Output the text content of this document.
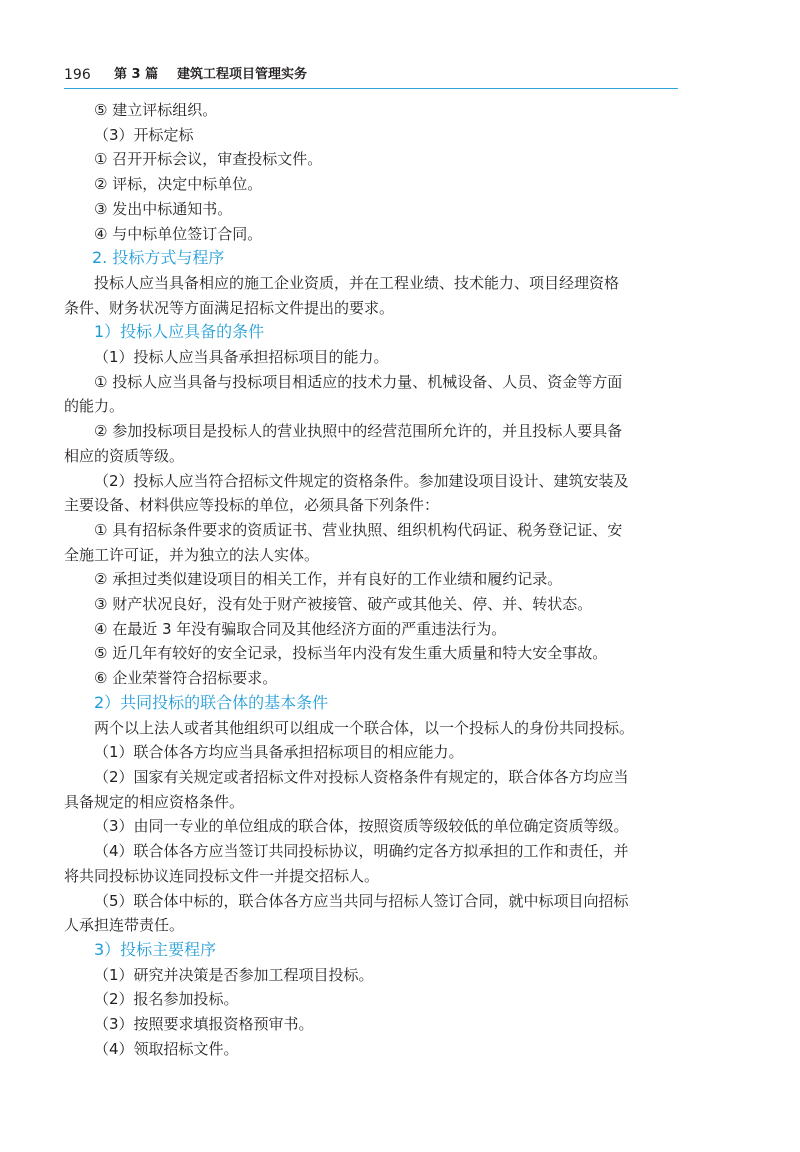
196 第 3 篇 建筑工程项目管理实务

⑤ 建立评标组织。

（3）开标定标

① 召开开标会议，审查投标文件。

② 评标，决定中标单位。

③ 发出中标通知书。

④ 与中标单位签订合同。

2. 投标方式与程序

投标人应当具备相应的施工企业资质，并在工程业绩、技术能力、项目经理资格

条件、财务状况等方面满足招标文件提出的要求。

1）投标人应具备的条件

（1）投标人应当具备承担招标项目的能力。

① 投标人应当具备与投标项目相适应的技术力量、机械设备、人员、资金等方面

的能力。

② 参加投标项目是投标人的营业执照中的经营范围所允许的，并且投标人要具备

相应的资质等级。

（2）投标人应当符合招标文件规定的资格条件。参加建设项目设计、建筑安装及

主要设备、材料供应等投标的单位，必须具备下列条件：

① 具有招标条件要求的资质证书、营业执照、组织机构代码证、税务登记证、安

全施工许可证，并为独立的法人实体。

② 承担过类似建设项目的相关工作，并有良好的工作业绩和履约记录。

③ 财产状况良好，没有处于财产被接管、破产或其他关、停、并、转状态。

④ 在最近 3 年没有骗取合同及其他经济方面的严重违法行为。

⑤ 近几年有较好的安全记录，投标当年内没有发生重大质量和特大安全事故。

⑥ 企业荣誉符合招标要求。

2）共同投标的联合体的基本条件

两个以上法人或者其他组织可以组成一个联合体，以一个投标人的身份共同投标。

（1）联合体各方均应当具备承担招标项目的相应能力。

（2）国家有关规定或者招标文件对投标人资格条件有规定的，联合体各方均应当

具备规定的相应资格条件。

（3）由同一专业的单位组成的联合体，按照资质等级较低的单位确定资质等级。

（4）联合体各方应当签订共同投标协议，明确约定各方拟承担的工作和责任，并

将共同投标协议连同投标文件一并提交招标人。

（5）联合体中标的，联合体各方应当共同与招标人签订合同，就中标项目向招标

人承担连带责任。

3）投标主要程序

（1）研究并决策是否参加工程项目投标。

（2）报名参加投标。

（3）按照要求填报资格预审书。

（4）领取招标文件。
